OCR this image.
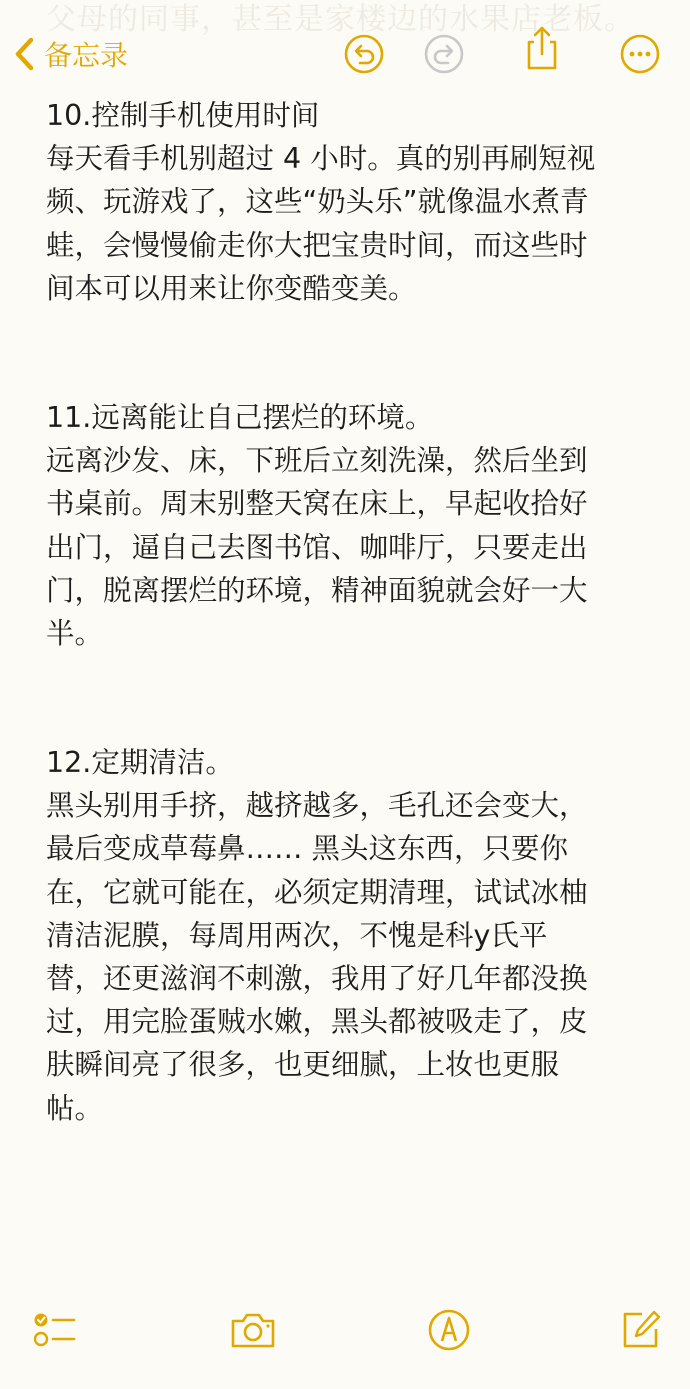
父母的同事，甚至是家楼边的水果店老板。
备忘录
10.控制手机使用时间
每天看手机别超过 4 小时。真的别再刷短视
频、玩游戏了，这些“奶头乐”就像温水煮青
蛙，会慢慢偷走你大把宝贵时间，而这些时
间本可以用来让你变酷变美。
11.远离能让自己摆烂的环境。
远离沙发、床，下班后立刻洗澡，然后坐到
书桌前。周末别整天窝在床上，早起收拾好
出门，逼自己去图书馆、咖啡厅，只要走出
门，脱离摆烂的环境，精神面貌就会好一大
半。
12.定期清洁。
黑头别用手挤，越挤越多，毛孔还会变大，
最后变成草莓鼻…… 黑头这东西，只要你
在，它就可能在，必须定期清理，试试冰柚
清洁泥膜，每周用两次，不愧是科y氏平
替，还更滋润不刺激，我用了好几年都没换
过，用完脸蛋贼水嫩，黑头都被吸走了，皮
肤瞬间亮了很多，也更细腻，上妆也更服
帖。
